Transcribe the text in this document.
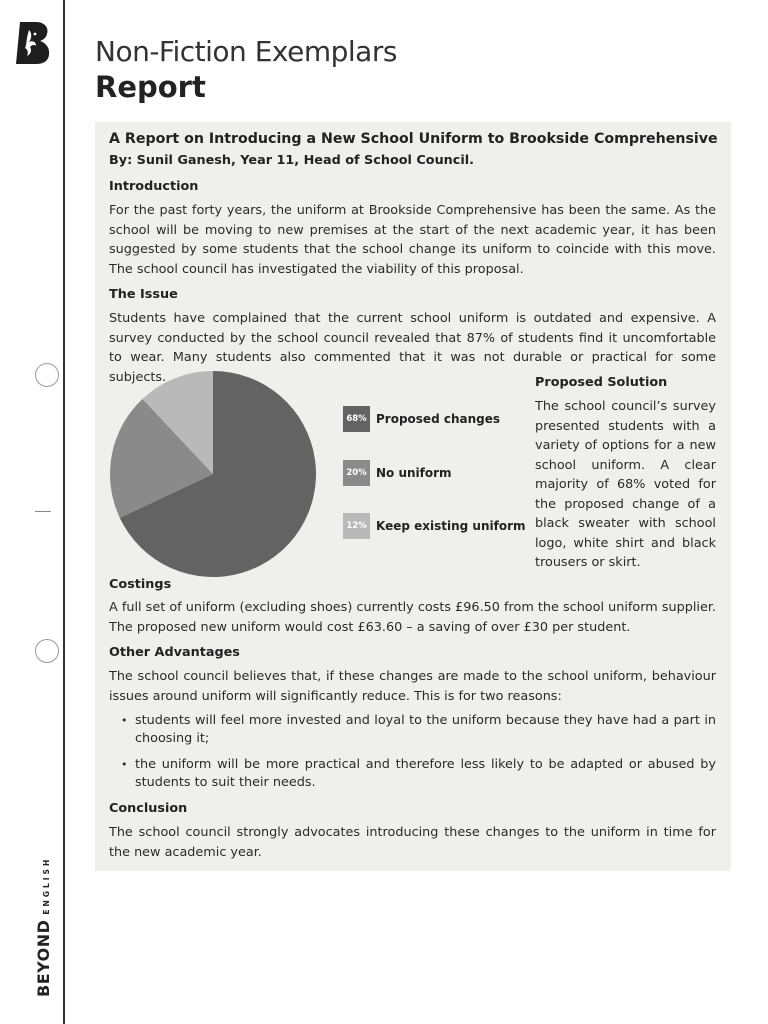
BEYOND
ENGLISH
Non-Fiction Exemplars
Report
A Report on Introducing a New School Uniform to Brookside Comprehensive
By: Sunil Ganesh, Year 11, Head of School Council.
Introduction
For the past forty years, the uniform at Brookside Comprehensive has been the same. As the school will be moving to new premises at the start of the next academic year, it has been suggested by some students that the school change its uniform to coincide with this move. The school council has investigated the viability of this proposal.
The Issue
Students have complained that the current school uniform is outdated and expensive. A survey conducted by the school council revealed that 87% of students find it uncomfortable to wear. Many students also commented that it was not durable or practical for some subjects.
68% Proposed changes
20% No uniform
12% Keep existing uniform
Proposed Solution
The school council’s survey presented students with a variety of options for a new school uniform. A clear majority of 68% voted for the proposed change of a black sweater with school logo, white shirt and black trousers or skirt.
Costings
A full set of uniform (excluding shoes) currently costs £96.50 from the school uniform supplier. The proposed new uniform would cost £63.60 – a saving of over £30 per student.
Other Advantages
The school council believes that, if these changes are made to the school uniform, behaviour issues around uniform will significantly reduce. This is for two reasons:
• students will feel more invested and loyal to the uniform because they have had a part in choosing it;
• the uniform will be more practical and therefore less likely to be adapted or abused by students to suit their needs.
Conclusion
The school council strongly advocates introducing these changes to the uniform in time for the new academic year.
